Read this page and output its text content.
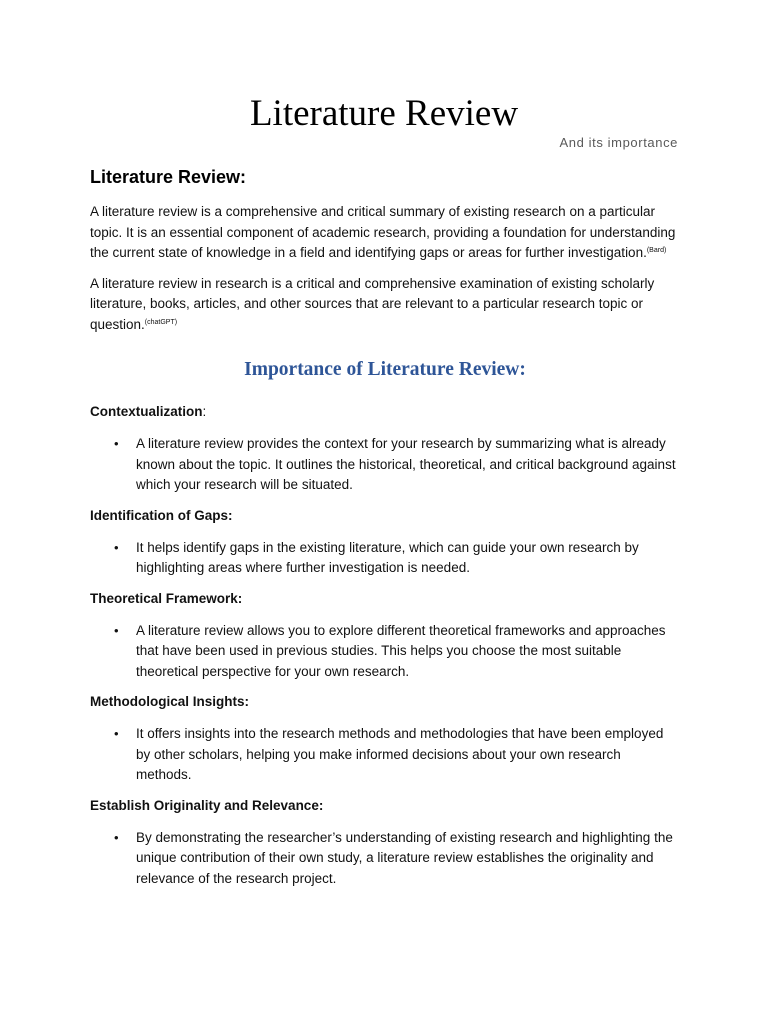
Literature Review
And its importance
Literature Review:

A literature review is a comprehensive and critical summary of existing research on a particular topic. It is an essential component of academic research, providing a foundation for understanding the current state of knowledge in a field and identifying gaps or areas for further investigation.$^{(Bard)}$

A literature review in research is a critical and comprehensive examination of existing scholarly literature, books, articles, and other sources that are relevant to a particular research topic or question.$^{(chatGPT)}$

Importance of Literature Review:
Contextualization:
• A literature review provides the context for your research by summarizing what is already known about the topic. It outlines the historical, theoretical, and critical background against which your research will be situated.
Identification of Gaps:
• It helps identify gaps in the existing literature, which can guide your own research by highlighting areas where further investigation is needed.
Theoretical Framework:
• A literature review allows you to explore different theoretical frameworks and approaches that have been used in previous studies. This helps you choose the most suitable theoretical perspective for your own research.
Methodological Insights:
• It offers insights into the research methods and methodologies that have been employed by other scholars, helping you make informed decisions about your own research methods.
Establish Originality and Relevance:
• By demonstrating the researcher’s understanding of existing research and highlighting the unique contribution of their own study, a literature review establishes the originality and relevance of the research project.
